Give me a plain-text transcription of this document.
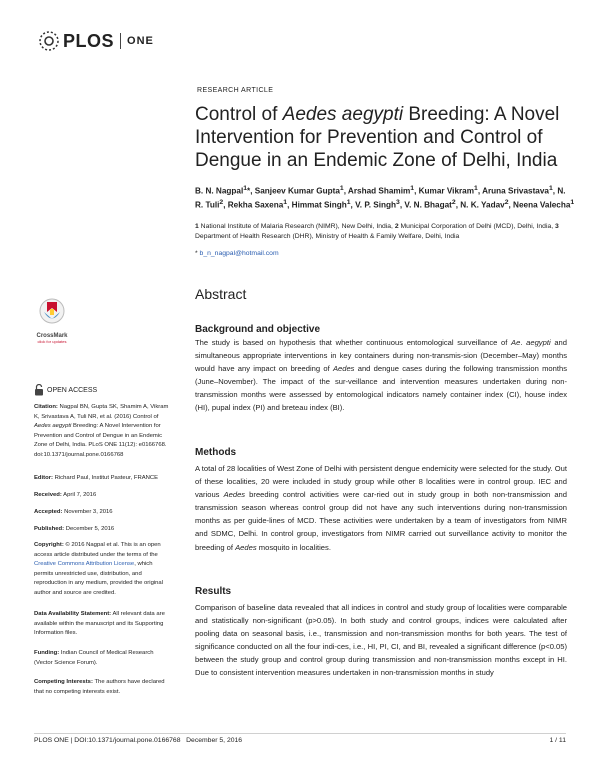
PLOS ONE
RESEARCH ARTICLE
Control of Aedes aegypti Breeding: A Novel Intervention for Prevention and Control of Dengue in an Endemic Zone of Delhi, India
B. N. Nagpal$^1$*, Sanjeev Kumar Gupta$^1$, Arshad Shamim$^1$, Kumar Vikram$^1$, Aruna Srivastava$^1$, N. R. Tuli$^2$, Rekha Saxena$^1$, Himmat Singh$^1$, V. P. Singh$^3$, V. N. Bhagat$^2$, N. K. Yadav$^2$, Neena Valecha$^1$
1 National Institute of Malaria Research (NIMR), New Delhi, India, 2 Municipal Corporation of Delhi (MCD), Delhi, India, 3 Department of Health Research (DHR), Ministry of Health & Family Welfare, Delhi, India
* b_n_nagpal@hotmail.com
Abstract
Background and objective

The study is based on hypothesis that whether continuous entomological surveillance of Ae. aegypti and simultaneous appropriate interventions in key containers during non-transmis-sion (December–May) months would have any impact on breeding of Aedes and dengue cases during the following transmission months (June–November). The impact of the sur-veillance and intervention measures undertaken during non-transmission months were assessed by entomological indicators namely container index (CI), house index (HI), pupal index (PI) and breteau index (BI).

Methods

A total of 28 localities of West Zone of Delhi with persistent dengue endemicity were selected for the study. Out of these localities, 20 were included in study group while other 8 localities were in control group. IEC and various Aedes breeding control activities were car-ried out in study group in both non-transmission and transmission season whereas control group did not have any such interventions during non-transmission months as per guide-lines of MCD. These activities were undertaken by a team of investigators from NIMR and SDMC, Delhi. In control group, investigators from NIMR carried out surveillance activity to monitor the breeding of Aedes mosquito in localities.

Results

Comparison of baseline data revealed that all indices in control and study group of localities were comparable and statistically non-significant (p>0.05). In both study and control groups, indices were calculated after pooling data on seasonal basis, i.e., transmission and non-transmission months for both years. The test of significance conducted on all the four indi-ces, i.e., HI, PI, CI, and BI, revealed a significant difference (p<0.05) between the study group and control group during transmission and non-transmission months except in HI. Due to consistent intervention measures undertaken in non-transmission months in study

CrossMark
click for updates
OPEN ACCESS
Citation: Nagpal BN, Gupta SK, Shamim A, Vikram K, Srivastava A, Tuli NR, et al. (2016) Control of Aedes aegypti Breeding: A Novel Intervention for Prevention and Control of Dengue in an Endemic Zone of Delhi, India. PLoS ONE 11(12): e0166768. doi:10.1371/journal.pone.0166768
Editor: Richard Paul, Institut Pasteur, FRANCE
Received: April 7, 2016
Accepted: November 3, 2016
Published: December 5, 2016
Copyright: © 2016 Nagpal et al. This is an open access article distributed under the terms of the Creative Commons Attribution License, which permits unrestricted use, distribution, and reproduction in any medium, provided the original author and source are credited.
Data Availability Statement: All relevant data are available within the manuscript and its Supporting Information files.
Funding: Indian Council of Medical Research (Vector Science Forum).
Competing Interests: The authors have declared that no competing interests exist.
PLOS ONE | DOI:10.1371/journal.pone.0166768   December 5, 2016	1 / 11
